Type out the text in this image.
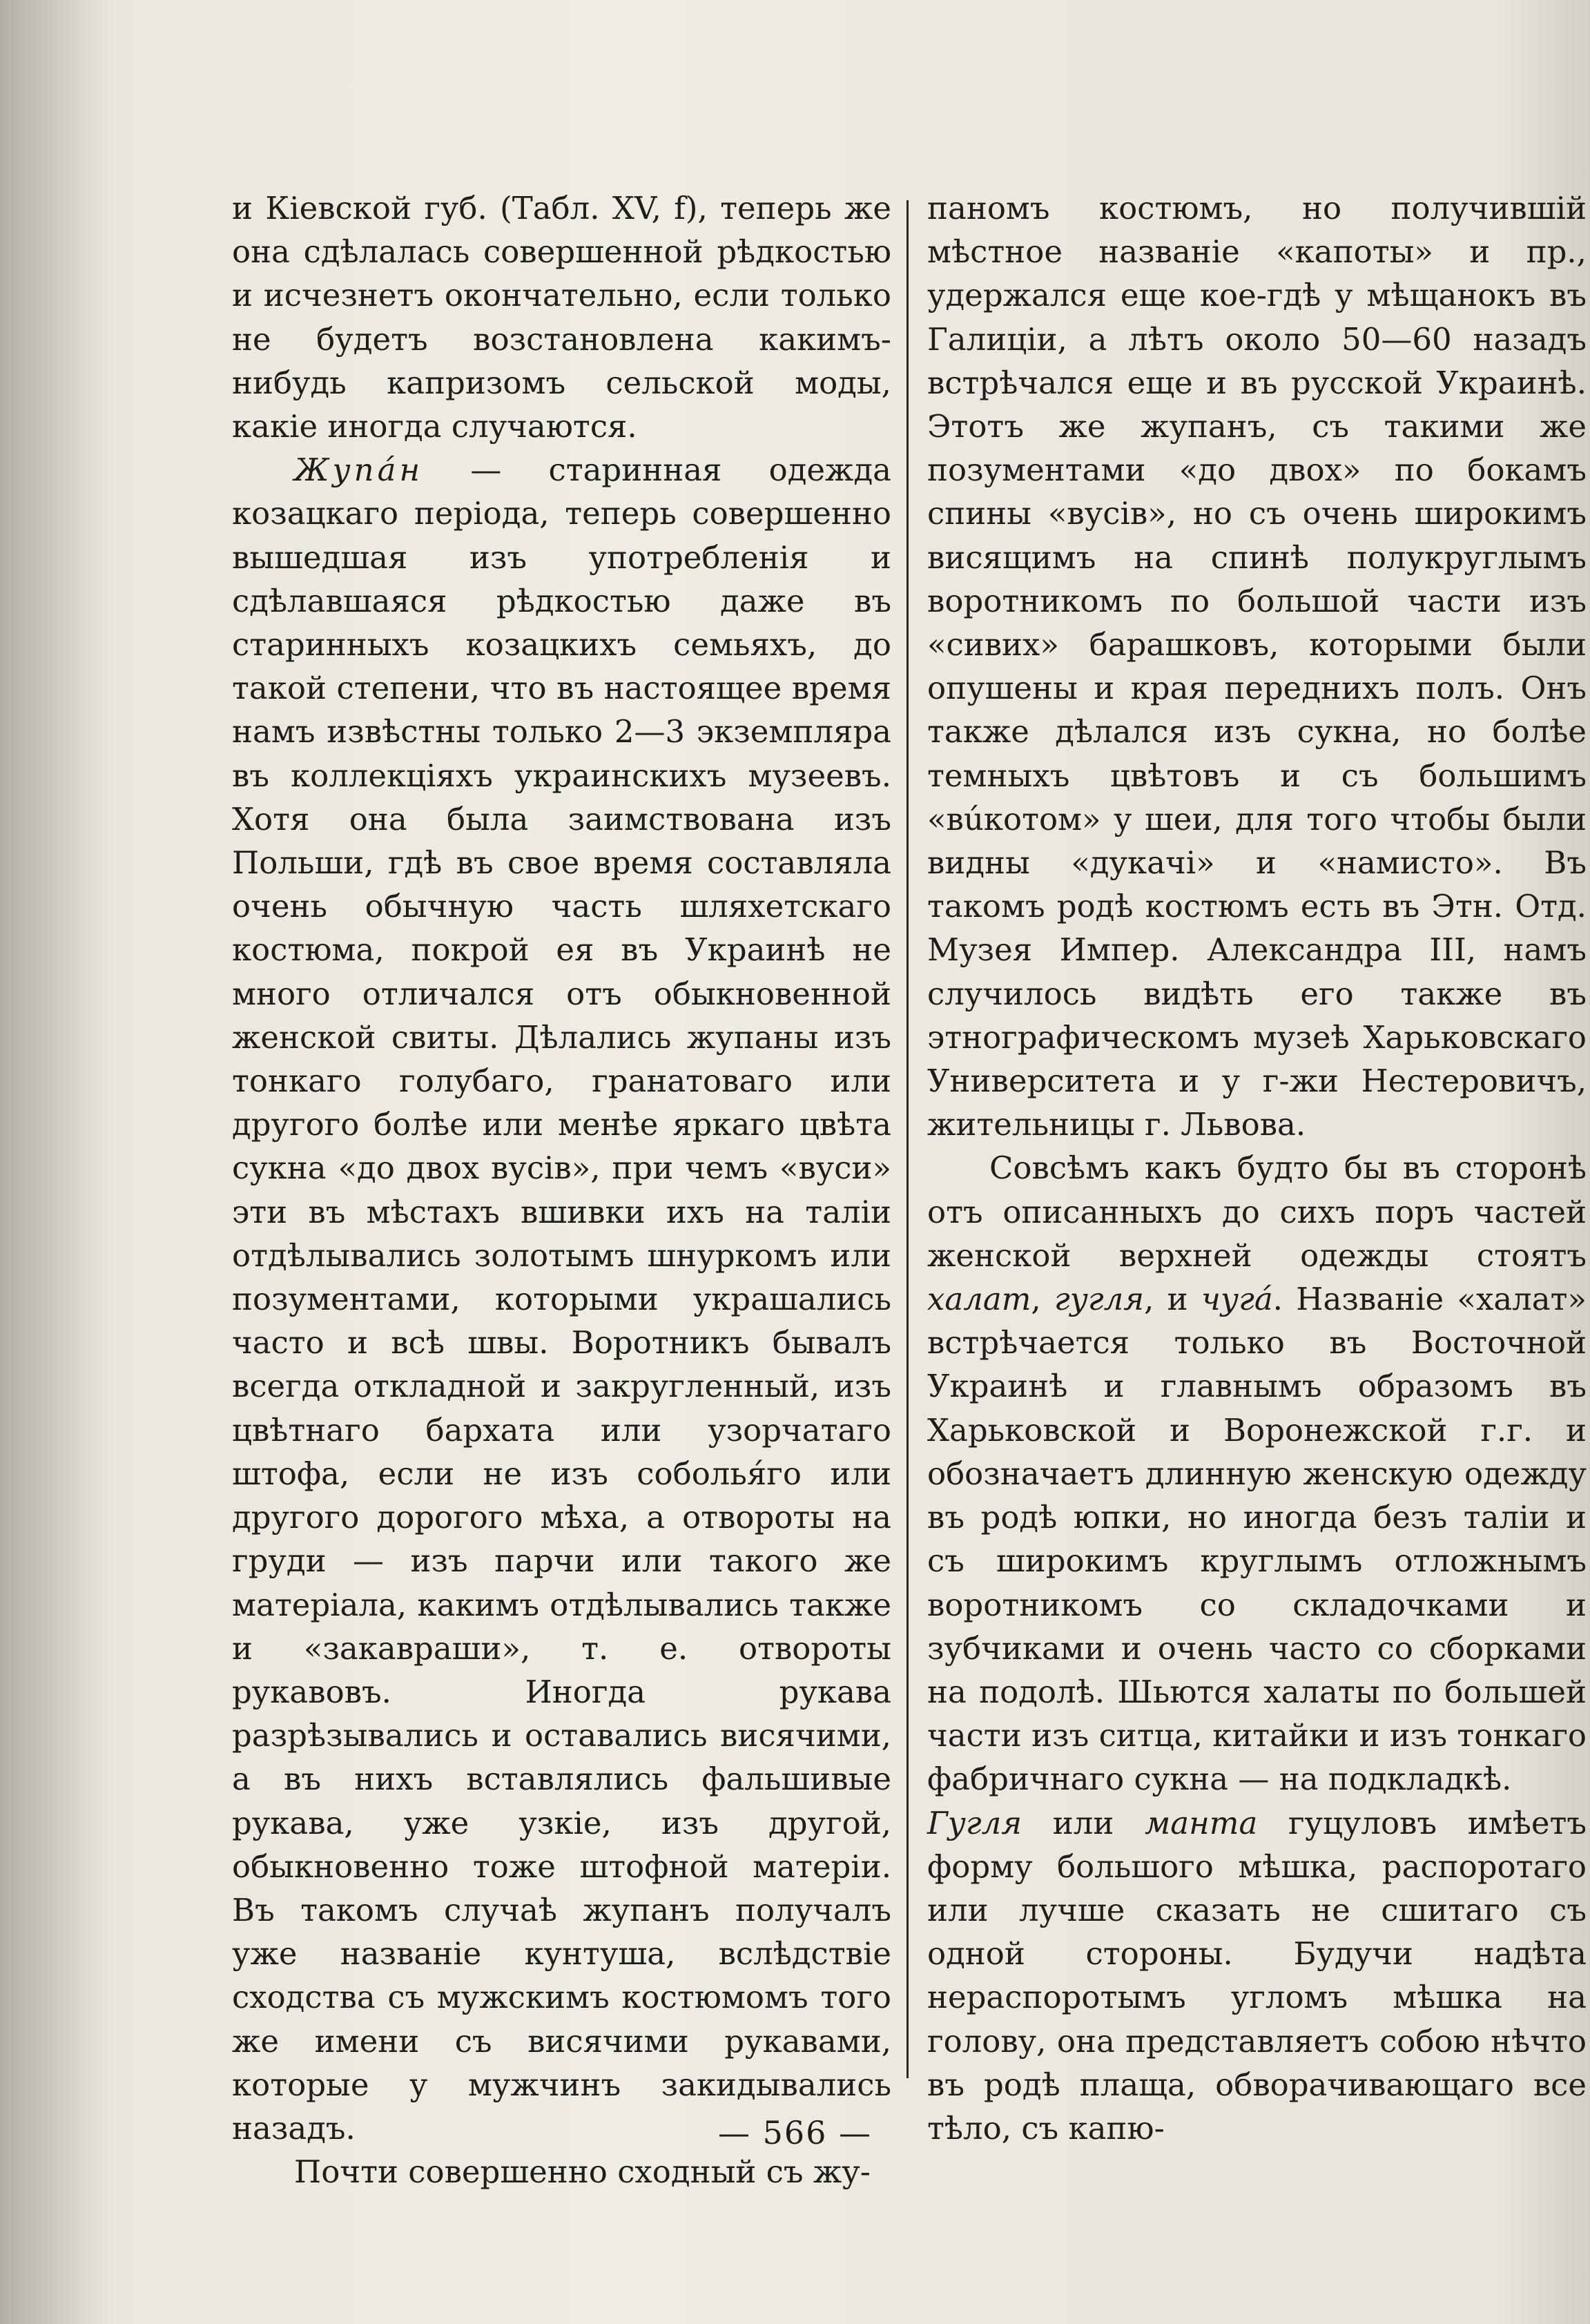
и Кіевской губ. (Табл. XV, f), теперь же она сдѣлалась совершенной рѣдкостью и исчезнетъ окончательно, если только не будетъ возстановлена какимъ-нибудь капризомъ сельской моды, какіе иногда случаются.

Жупáн — старинная одежда козацкаго періода, теперь совершенно вышедшая изъ употребленія и сдѣлавшаяся рѣдкостью даже въ старинныхъ козацкихъ семьяхъ, до такой степени, что въ настоящее время намъ извѣстны только 2—3 экземпляра въ коллекціяхъ украинскихъ музеевъ. Хотя она была заимствована изъ Польши, гдѣ въ свое время составляла очень обычную часть шляхетскаго костюма, покрой ея въ Украинѣ не много отличался отъ обыкновенной женской свиты. Дѣлались жупаны изъ тонкаго голубаго, гранатоваго или другого болѣе или менѣе яркаго цвѣта сукна «до двох вусів», при чемъ «вуси» эти въ мѣстахъ вшивки ихъ на таліи отдѣлывались золотымъ шнуркомъ или позументами, которыми украшались часто и всѣ швы. Воротникъ бывалъ всегда откладной и закругленный, изъ цвѣтнаго бархата или узорчатаго штофа, если не изъ соболья́го или другого дорогого мѣха, а отвороты на груди — изъ парчи или такого же матеріала, какимъ отдѣлывались также и «закавраши», т. е. отвороты рукавовъ. Иногда рукава разрѣзывались и оставались висячими, а въ нихъ вставлялись фальшивые рукава, уже узкіе, изъ другой, обыкновенно тоже штофной матеріи. Въ такомъ случаѣ жупанъ получалъ уже названіе кунтуша, вслѣдствіе сходства съ мужскимъ костюмомъ того же имени съ висячими рукавами, которые у мужчинъ закидывались назадъ.

Почти совершенно сходный съ жу-

паномъ костюмъ, но получившій мѣстное названіе «капоты» и пр., удержался еще кое-гдѣ у мѣщанокъ въ Галиціи, а лѣтъ около 50—60 назадъ встрѣчался еще и въ русской Украинѣ. Этотъ же жупанъ, съ такими же позументами «до двох» по бокамъ спины «вусів», но съ очень широкимъ висящимъ на спинѣ полукруглымъ воротникомъ по большой части изъ «сивих» барашковъ, которыми были опушены и края переднихъ полъ. Онъ также дѣлался изъ сукна, но болѣе темныхъ цвѣтовъ и съ большимъ «вúкотом» у шеи, для того чтобы были видны «дукачі» и «намисто». Въ такомъ родѣ костюмъ есть въ Этн. Отд. Музея Импер. Александра III, намъ случилось видѣть его также въ этнографическомъ музеѣ Харьковскаго Университета и у г-жи Нестеровичъ, жительницы г. Львова.

Совсѣмъ какъ будто бы въ сторонѣ отъ описанныхъ до сихъ поръ частей женской верхней одежды стоятъ халат, гугля, и чугá. Названіе «халат» встрѣчается только въ Восточной Украинѣ и главнымъ образомъ въ Харьковской и Воронежской г.г. и обозначаетъ длинную женскую одежду въ родѣ юпки, но иногда безъ таліи и съ широкимъ круглымъ отложнымъ воротникомъ со складочками и зубчиками и очень часто со сборками на подолѣ. Шьются халаты по большей части изъ ситца, китайки и изъ тонкаго фабричнаго сукна — на подкладкѣ.

Гугля или манта гуцуловъ имѣетъ форму большого мѣшка, распоротаго или лучше сказать не сшитаго съ одной стороны. Будучи надѣта нераспоротымъ угломъ мѣшка на голову, она представляетъ собою нѣчто въ родѣ плаща, обворачивающаго все тѣло, съ капю-

— 566 —
